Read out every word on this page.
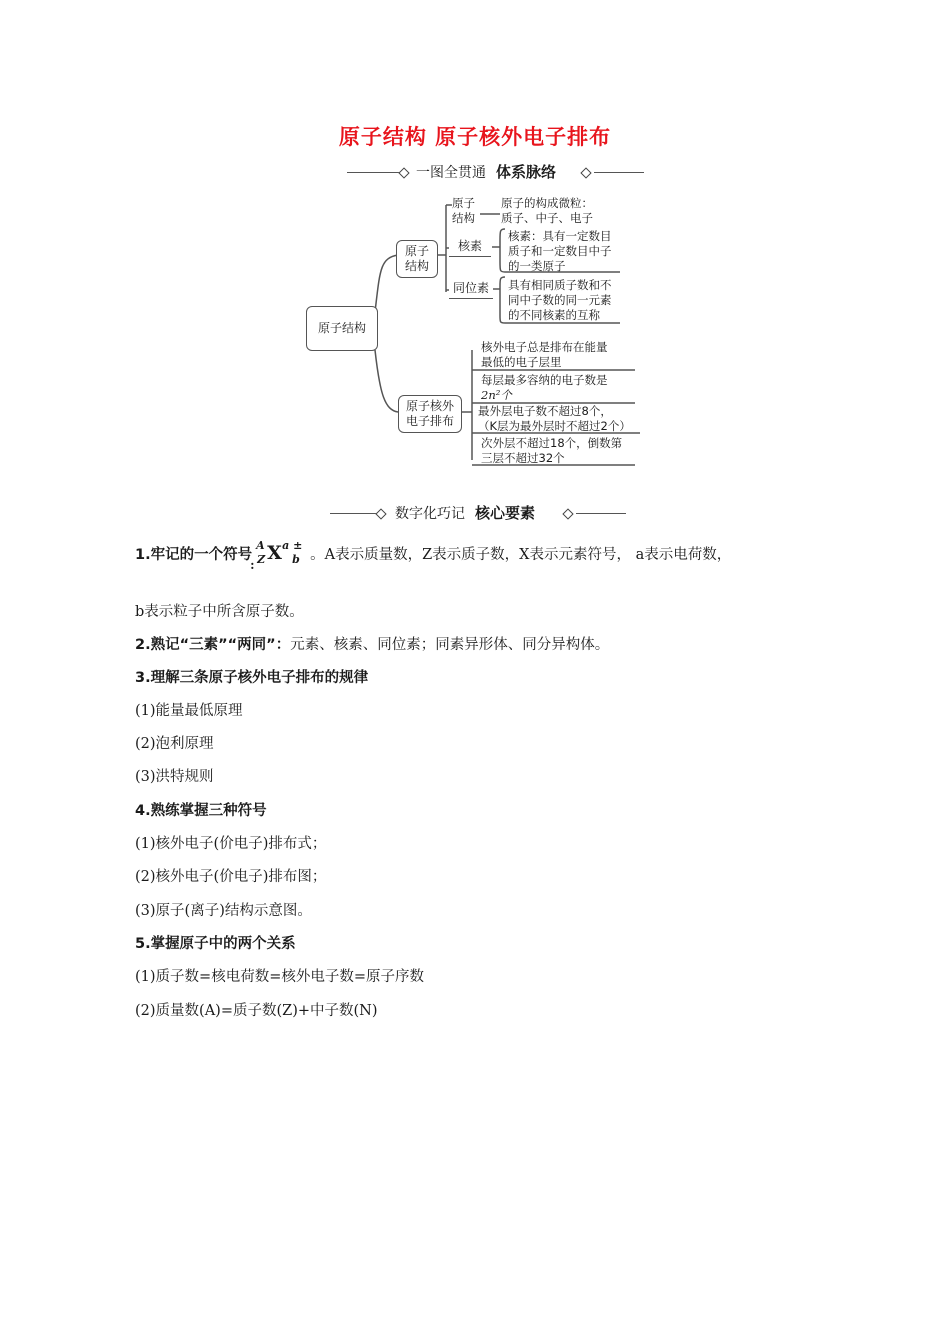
原子结构 原子核外电子排布
一图全贯通 体系脉络
原子结构
原子
结构
原子核外
电子排布
原子
结构
原子的构成微粒：
质子、中子、电子
核素
核素：具有一定数目
质子和一定数目中子
的一类原子
同位素 具有相同质子数和不
同中子数的同一元素
的不同核素的互称
核外电子总是排布在能量
最低的电子层里
每层最多容纳的电子数是
2n²个
最外层电子数不超过8个，
（K层为最外层时不超过2个）
次外层不超过18个，倒数第
三层不超过32个
数字化巧记 核心要素
1.牢记的一个符号
A
Z X a ±
b
:
。A表示质量数，Z表示质子数，X表示元素符号， a表示电荷数，
b表示粒子中所含原子数。
2.熟记“三素”“两同”：元素、核素、同位素；同素异形体、同分异构体。
3.理解三条原子核外电子排布的规律
(1)能量最低原理
(2)泡利原理
(3)洪特规则
4.熟练掌握三种符号
(1)核外电子(价电子)排布式；
(2)核外电子(价电子)排布图；
(3)原子(离子)结构示意图。
5.掌握原子中的两个关系
(1)质子数=核电荷数=核外电子数=原子序数
(2)质量数(A)=质子数(Z)+中子数(N)
